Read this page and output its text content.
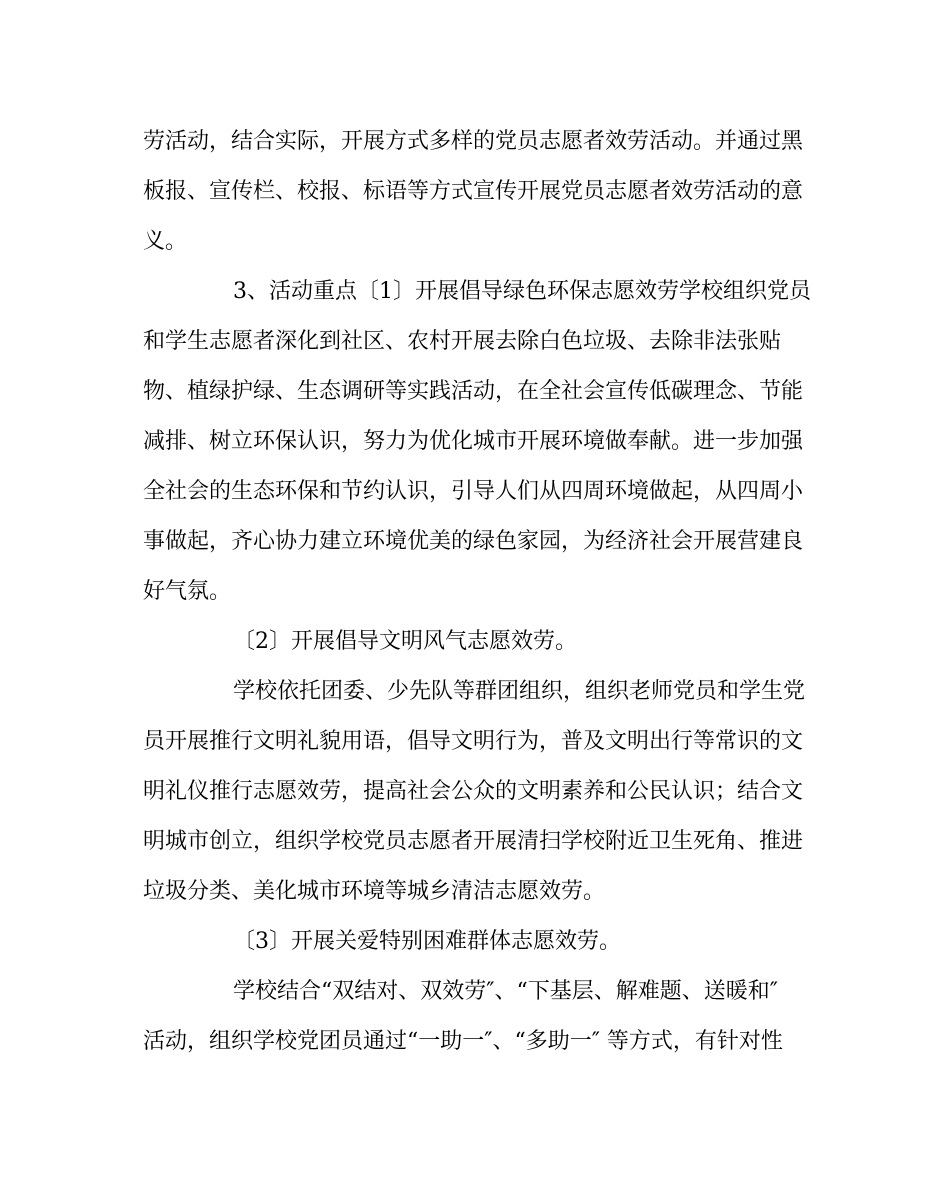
劳活动，结合实际，开展方式多样的党员志愿者效劳活动。并通过黑
板报、宣传栏、校报、标语等方式宣传开展党员志愿者效劳活动的意
义。
3、活动重点〔1〕开展倡导绿色环保志愿效劳学校组织党员
和学生志愿者深化到社区、农村开展去除白色垃圾、去除非法张贴
物、植绿护绿、生态调研等实践活动，在全社会宣传低碳理念、节能
减排、树立环保认识，努力为优化城市开展环境做奉献。进一步加强
全社会的生态环保和节约认识，引导人们从四周环境做起，从四周小
事做起，齐心协力建立环境优美的绿色家园，为经济社会开展营建良
好气氛。
〔2〕开展倡导文明风气志愿效劳。
学校依托团委、少先队等群团组织，组织老师党员和学生党
员开展推行文明礼貌用语，倡导文明行为，普及文明出行等常识的文
明礼仪推行志愿效劳，提高社会公众的文明素养和公民认识；结合文
明城市创立，组织学校党员志愿者开展清扫学校附近卫生死角、推进
垃圾分类、美化城市环境等城乡清洁志愿效劳。
〔3〕开展关爱特别困难群体志愿效劳。
学校结合“双结对、双效劳″、“下基层、解难题、送暖和″
活动，组织学校党团员通过“一助一″、“多助一″ 等方式，有针对性
